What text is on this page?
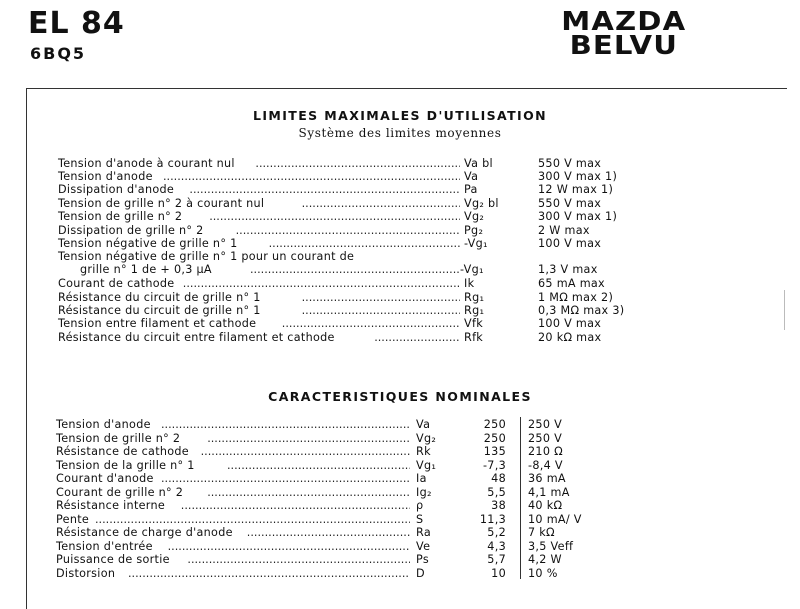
EL 84
6BQ5
MAZDA
BELVU
LIMITES MAXIMALES D'UTILISATION
Système des limites moyennes
Tension d'anode à courant nul .....	Va bl	550 V max
Tension d'anode .....	Va	300 V max 1)
Dissipation d'anode .....	Pa	12 W max 1)
Tension de grille n° 2 à courant nul .....	Vg₂ bl	550 V max
Tension de grille n° 2 .....	Vg₂	300 V max 1)
Dissipation de grille n° 2 .....	Pg₂	2 W max
Tension négative de grille n° 1 .....	-Vg₁	100 V max
Tension négative de grille n° 1 pour un courant de
grille n° 1 de + 0,3 μA .....	-Vg₁	1,3 V max
Courant de cathode .....	Ik	65 mA max
Résistance du circuit de grille n° 1 .....	Rg₁	1 MΩ max 2)
Résistance du circuit de grille n° 1 .....	Rg₁	0,3 MΩ max 3)
Tension entre filament et cathode .....	Vfk	100 V max
Résistance du circuit entre filament et cathode .....	Rfk	20 kΩ max
CARACTERISTIQUES NOMINALES
Tension d'anode .....	Va	250 250 V
Tension de grille n° 2 .....	Vg₂	250 250 V
Résistance de cathode .....	Rk	135 210 Ω
Tension de la grille n° 1 .....	Vg₁	-7,3 -8,4 V
Courant d'anode .....	Ia	48 36 mA
Courant de grille n° 2 .....	Ig₂	5,5 4,1 mA
Résistance interne .....	ρ	38 40 kΩ
Pente .....	S	11,3 10 mA/ V
Résistance de charge d'anode .....	Ra	5,2 7 kΩ
Tension d'entrée .....	Ve	4,3 3,5 Veff
Puissance de sortie .....	Ps	5,7 4,2 W
Distorsion .....	D	10 10 %
